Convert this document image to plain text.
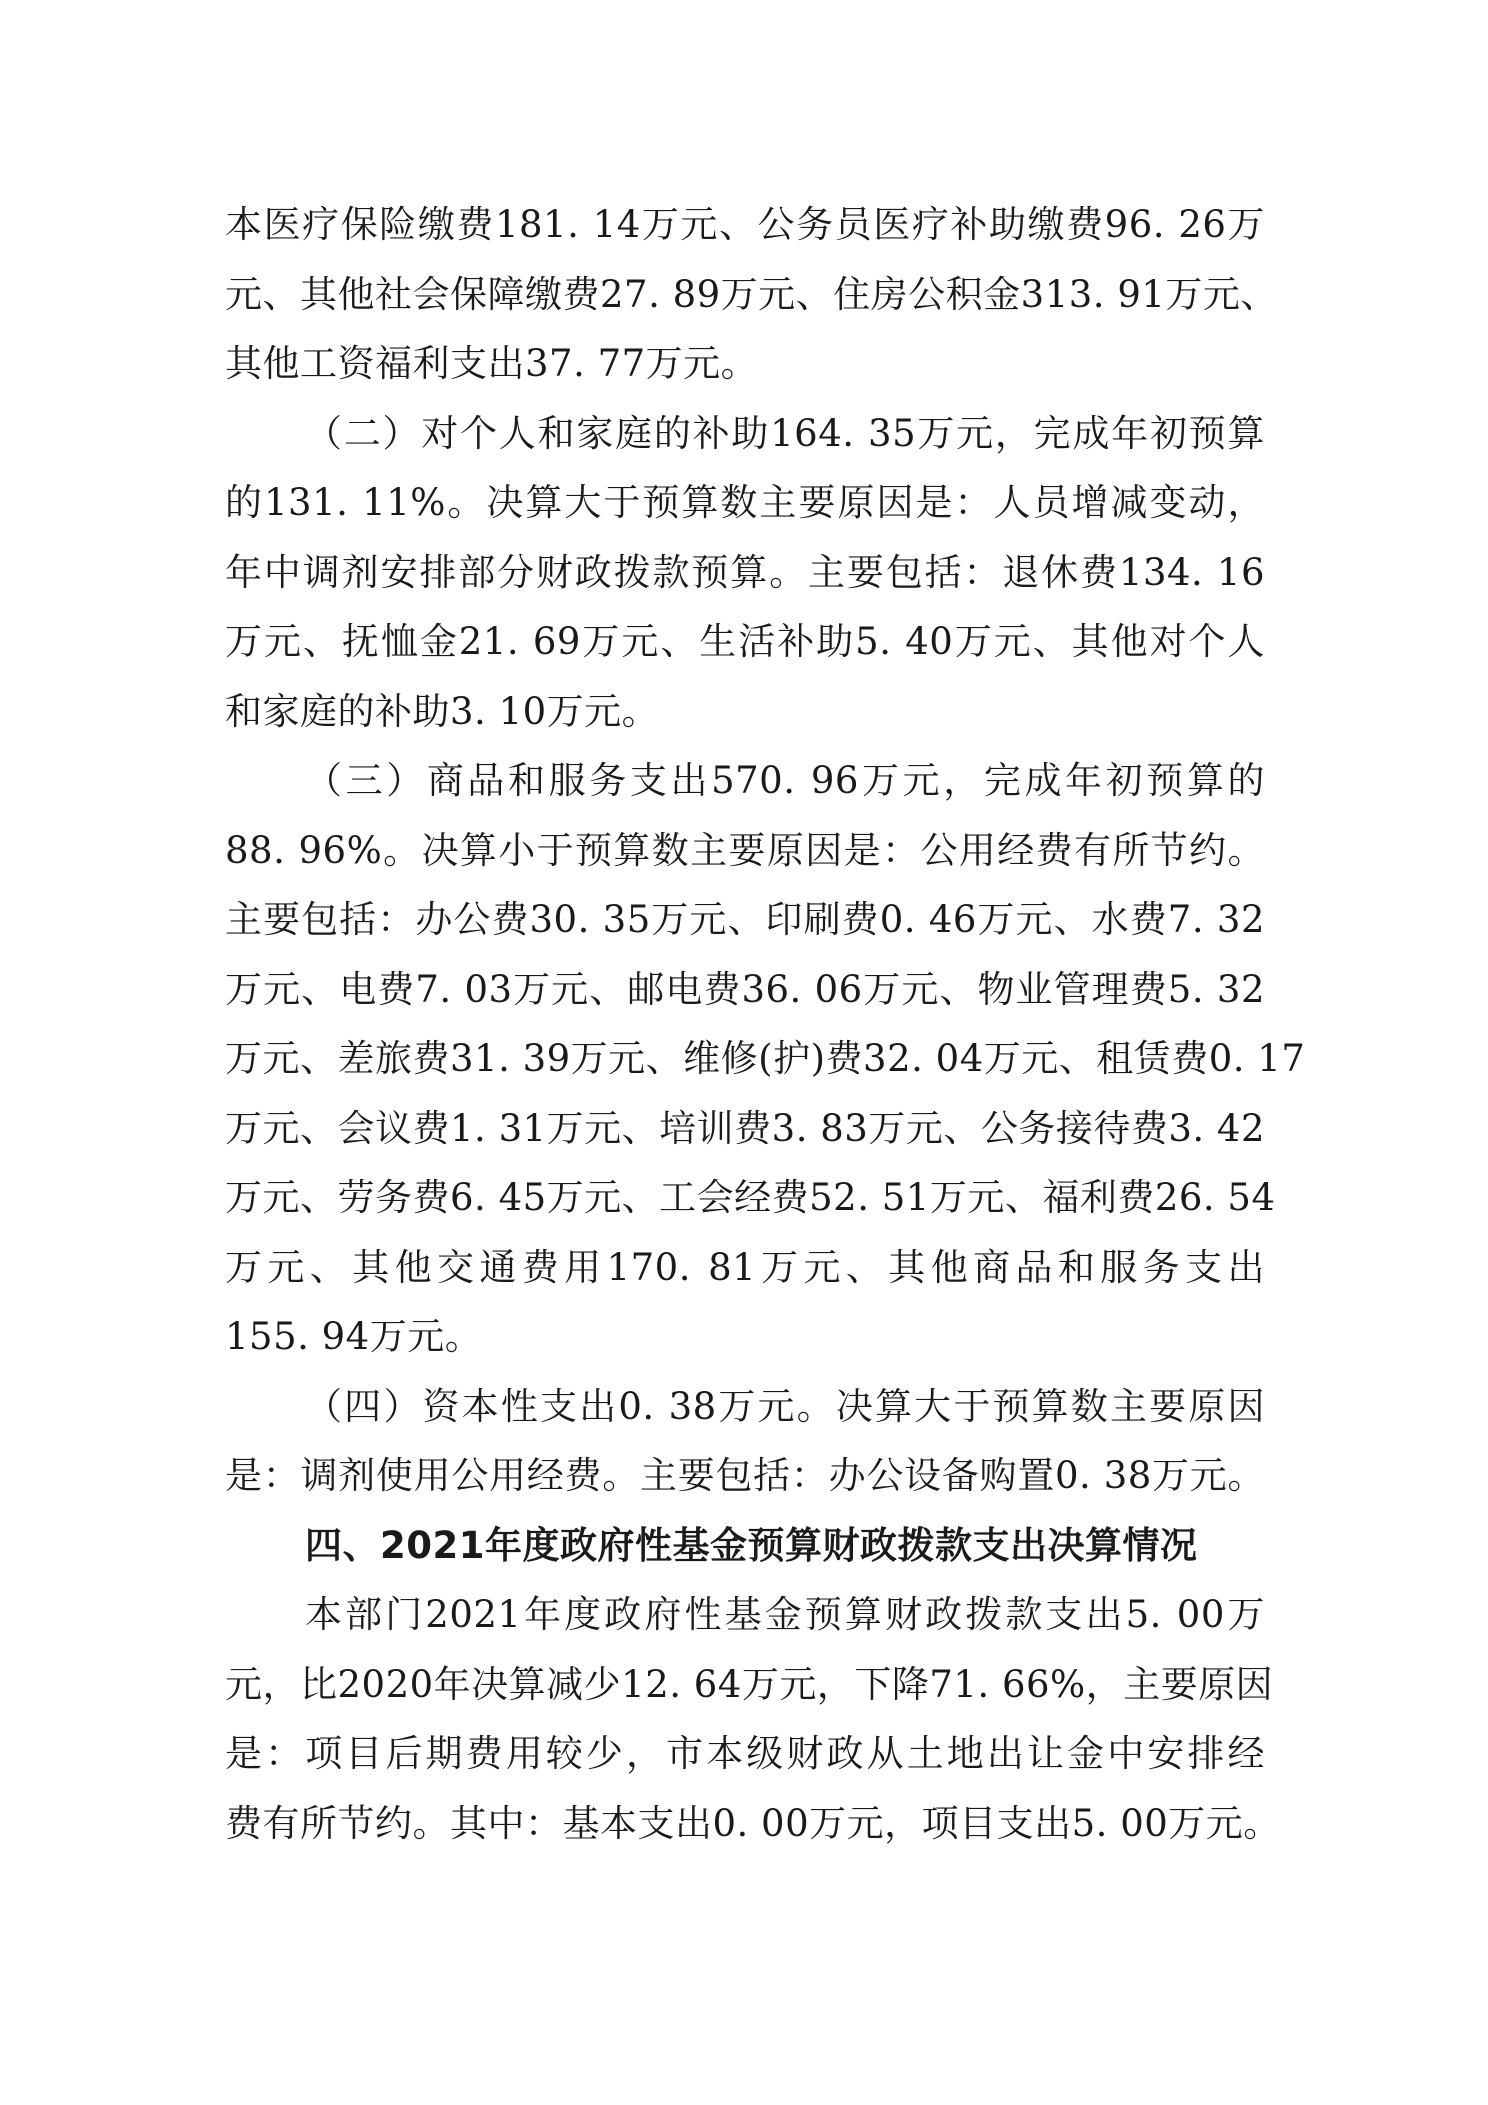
本医疗保险缴费181. 14万元、公务员医疗补助缴费96. 26万
元、其他社会保障缴费27. 89万元、住房公积金313. 91万元、
其他工资福利支出37. 77万元。
（二）对个人和家庭的补助164. 35万元，完成年初预算
的131. 11%。决算大于预算数主要原因是：人员增减变动，
年中调剂安排部分财政拨款预算。主要包括：退休费134. 16
万元、抚恤金21. 69万元、生活补助5. 40万元、其他对个人
和家庭的补助3. 10万元。
（三）商品和服务支出570. 96万元，完成年初预算的
88. 96%。决算小于预算数主要原因是：公用经费有所节约。
主要包括：办公费30. 35万元、印刷费0. 46万元、水费7. 32
万元、电费7. 03万元、邮电费36. 06万元、物业管理费5. 32
万元、差旅费31. 39万元、维修(护)费32. 04万元、租赁费0. 17
万元、会议费1. 31万元、培训费3. 83万元、公务接待费3. 42
万元、劳务费6. 45万元、工会经费52. 51万元、福利费26. 54
万元、其他交通费用170. 81万元、其他商品和服务支出
155. 94万元。
（四）资本性支出0. 38万元。决算大于预算数主要原因
是：调剂使用公用经费。主要包括：办公设备购置0. 38万元。
四、2021年度政府性基金预算财政拨款支出决算情况
本部门2021年度政府性基金预算财政拨款支出5. 00万
元，比2020年决算减少12. 64万元，下降71. 66%，主要原因
是：项目后期费用较少，市本级财政从土地出让金中安排经
费有所节约。其中：基本支出0. 00万元，项目支出5. 00万元。
